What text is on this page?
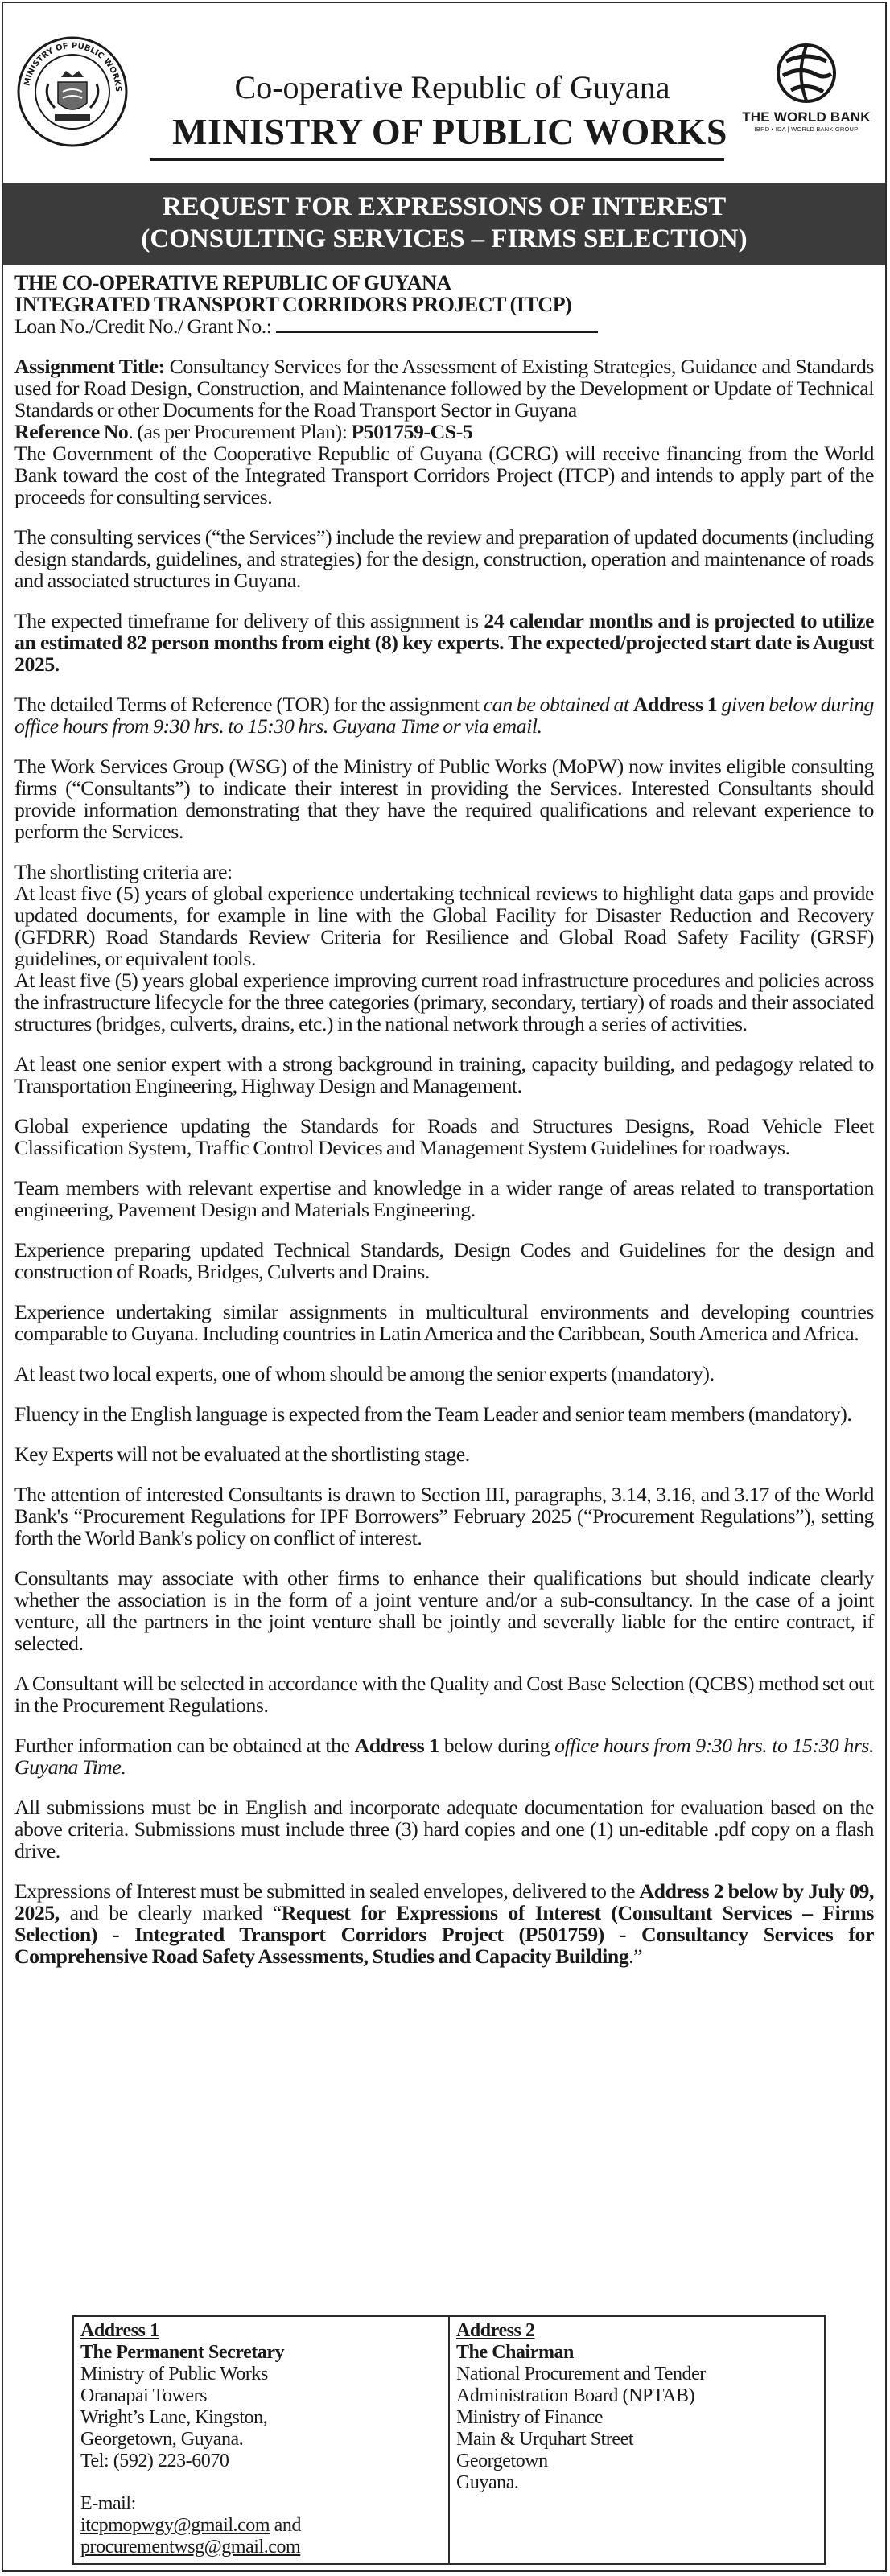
MINISTRY OF PUBLIC WORKS	Co-operative Republic of Guyana
MINISTRY OF PUBLIC WORKS	THE WORLD BANK
IBRD • IDA | WORLD BANK GROUP
REQUEST FOR EXPRESSIONS OF INTEREST
(CONSULTING SERVICES – FIRMS SELECTION)
THE CO-OPERATIVE REPUBLIC OF GUYANA
INTEGRATED TRANSPORT CORRIDORS PROJECT (ITCP)

Loan No./Credit No./ Grant No.:

Assignment Title: Consultancy Services for the Assessment of Existing Strategies, Guidance and Standards used for Road Design, Construction, and Maintenance followed by the Development or Update of Technical Standards or other Documents for the Road Transport Sector in Guyana

Reference No. (as per Procurement Plan): P501759-CS-5

The Government of the Cooperative Republic of Guyana (GCRG) will receive financing from the World Bank toward the cost of the Integrated Transport Corridors Project (ITCP) and intends to apply part of the proceeds for consulting services.

The consulting services (“the Services”) include the review and preparation of updated documents (including design standards, guidelines, and strategies) for the design, construction, operation and maintenance of roads and associated structures in Guyana.

The expected timeframe for delivery of this assignment is 24 calendar months and is projected to utilize an estimated 82 person months from eight (8) key experts. The expected/projected start date is August 2025.

The detailed Terms of Reference (TOR) for the assignment can be obtained at Address 1 given below during office hours from 9:30 hrs. to 15:30 hrs. Guyana Time or via email.

The Work Services Group (WSG) of the Ministry of Public Works (MoPW) now invites eligible consulting firms (“Consultants”) to indicate their interest in providing the Services. Interested Consultants should provide information demonstrating that they have the required qualifications and relevant experience to perform the Services.

The shortlisting criteria are:

At least five (5) years of global experience undertaking technical reviews to highlight data gaps and provide updated documents, for example in line with the Global Facility for Disaster Reduction and Recovery (GFDRR) Road Standards Review Criteria for Resilience and Global Road Safety Facility (GRSF) guidelines, or equivalent tools.

At least five (5) years global experience improving current road infrastructure procedures and policies across the infrastructure lifecycle for the three categories (primary, secondary, tertiary) of roads and their associated structures (bridges, culverts, drains, etc.) in the national network through a series of activities.

At least one senior expert with a strong background in training, capacity building, and pedagogy related to Transportation Engineering, Highway Design and Management.

Global experience updating the Standards for Roads and Structures Designs, Road Vehicle Fleet Classification System, Traffic Control Devices and Management System Guidelines for roadways.

Team members with relevant expertise and knowledge in a wider range of areas related to transportation engineering, Pavement Design and Materials Engineering.

Experience preparing updated Technical Standards, Design Codes and Guidelines for the design and construction of Roads, Bridges, Culverts and Drains.

Experience undertaking similar assignments in multicultural environments and developing countries comparable to Guyana. Including countries in Latin America and the Caribbean, South America and Africa.

At least two local experts, one of whom should be among the senior experts (mandatory).

Fluency in the English language is expected from the Team Leader and senior team members (mandatory).

Key Experts will not be evaluated at the shortlisting stage.

The attention of interested Consultants is drawn to Section III, paragraphs, 3.14, 3.16, and 3.17 of the World Bank's “Procurement Regulations for IPF Borrowers” February 2025 (“Procurement Regulations”), setting forth the World Bank's policy on conflict of interest.

Consultants may associate with other firms to enhance their qualifications but should indicate clearly whether the association is in the form of a joint venture and/or a sub-consultancy. In the case of a joint venture, all the partners in the joint venture shall be jointly and severally liable for the entire contract, if selected.

A Consultant will be selected in accordance with the Quality and Cost Base Selection (QCBS) method set out in the Procurement Regulations.

Further information can be obtained at the Address 1 below during office hours from 9:30 hrs. to 15:30 hrs. Guyana Time.

All submissions must be in English and incorporate adequate documentation for evaluation based on the above criteria. Submissions must include three (3) hard copies and one (1) un-editable .pdf copy on a flash drive.

Expressions of Interest must be submitted in sealed envelopes, delivered to the Address 2 below by July 09, 2025, and be clearly marked “Request for Expressions of Interest (Consultant Services – Firms Selection) - Integrated Transport Corridors Project (P501759) - Consultancy Services for Comprehensive Road Safety Assessments, Studies and Capacity Building.”

Address 1
The Permanent Secretary
Ministry of Public Works
Oranapai Towers
Wright’s Lane, Kingston,
Georgetown, Guyana.
Tel: (592) 223-6070
E-mail:
itcpmopwgy@gmail.com and
procurementwsg@gmail.com
Address 2
The Chairman
National Procurement and Tender
Administration Board (NPTAB)
Ministry of Finance
Main & Urquhart Street
Georgetown
Guyana.
